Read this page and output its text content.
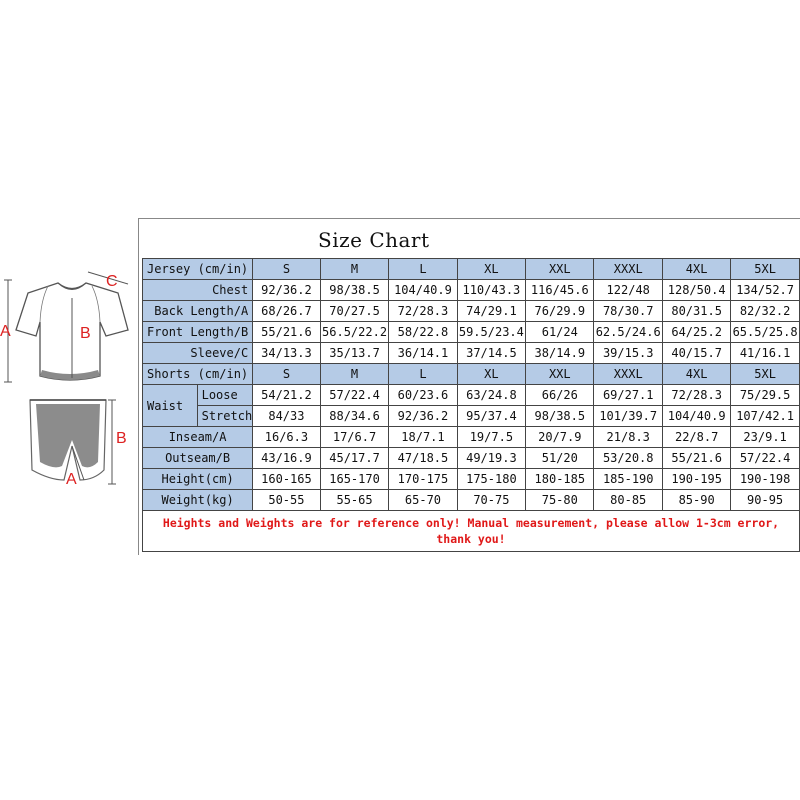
Size Chart
A	B
C
B
A
Jersey (cm/in)		S	M	L	XL	XXL	XXXL	4XL	5XL
Chest		92/36.2	98/38.5	104/40.9	110/43.3	116/45.6	122/48	128/50.4	134/52.7
Back Length/A		68/26.7	70/27.5	72/28.3	74/29.1	76/29.9	78/30.7	80/31.5	82/32.2
Front Length/B		55/21.6	56.5/22.2	58/22.8	59.5/23.4	61/24	62.5/24.6	64/25.2	65.5/25.8
Sleeve/C		34/13.3	35/13.7	36/14.1	37/14.5	38/14.9	39/15.3	40/15.7	41/16.1
Shorts (cm/in)		S	M	L	XL	XXL	XXXL	4XL	5XL
Waist	Loose	54/21.2	57/22.4	60/23.6	63/24.8	66/26	69/27.1	72/28.3	75/29.5
	Stretch	84/33	88/34.6	92/36.2	95/37.4	98/38.5	101/39.7	104/40.9	107/42.1
Inseam/A		16/6.3	17/6.7	18/7.1	19/7.5	20/7.9	21/8.3	22/8.7	23/9.1
Outseam/B		43/16.9	45/17.7	47/18.5	49/19.3	51/20	53/20.8	55/21.6	57/22.4
Height(cm)		160-165	165-170	170-175	175-180	180-185	185-190	190-195	190-198
Weight(kg)		50-55	55-65	65-70	70-75	75-80	80-85	85-90	90-95
Heights and Weights are for reference only! Manual measurement, please allow 1-3cm error, thank you!									
